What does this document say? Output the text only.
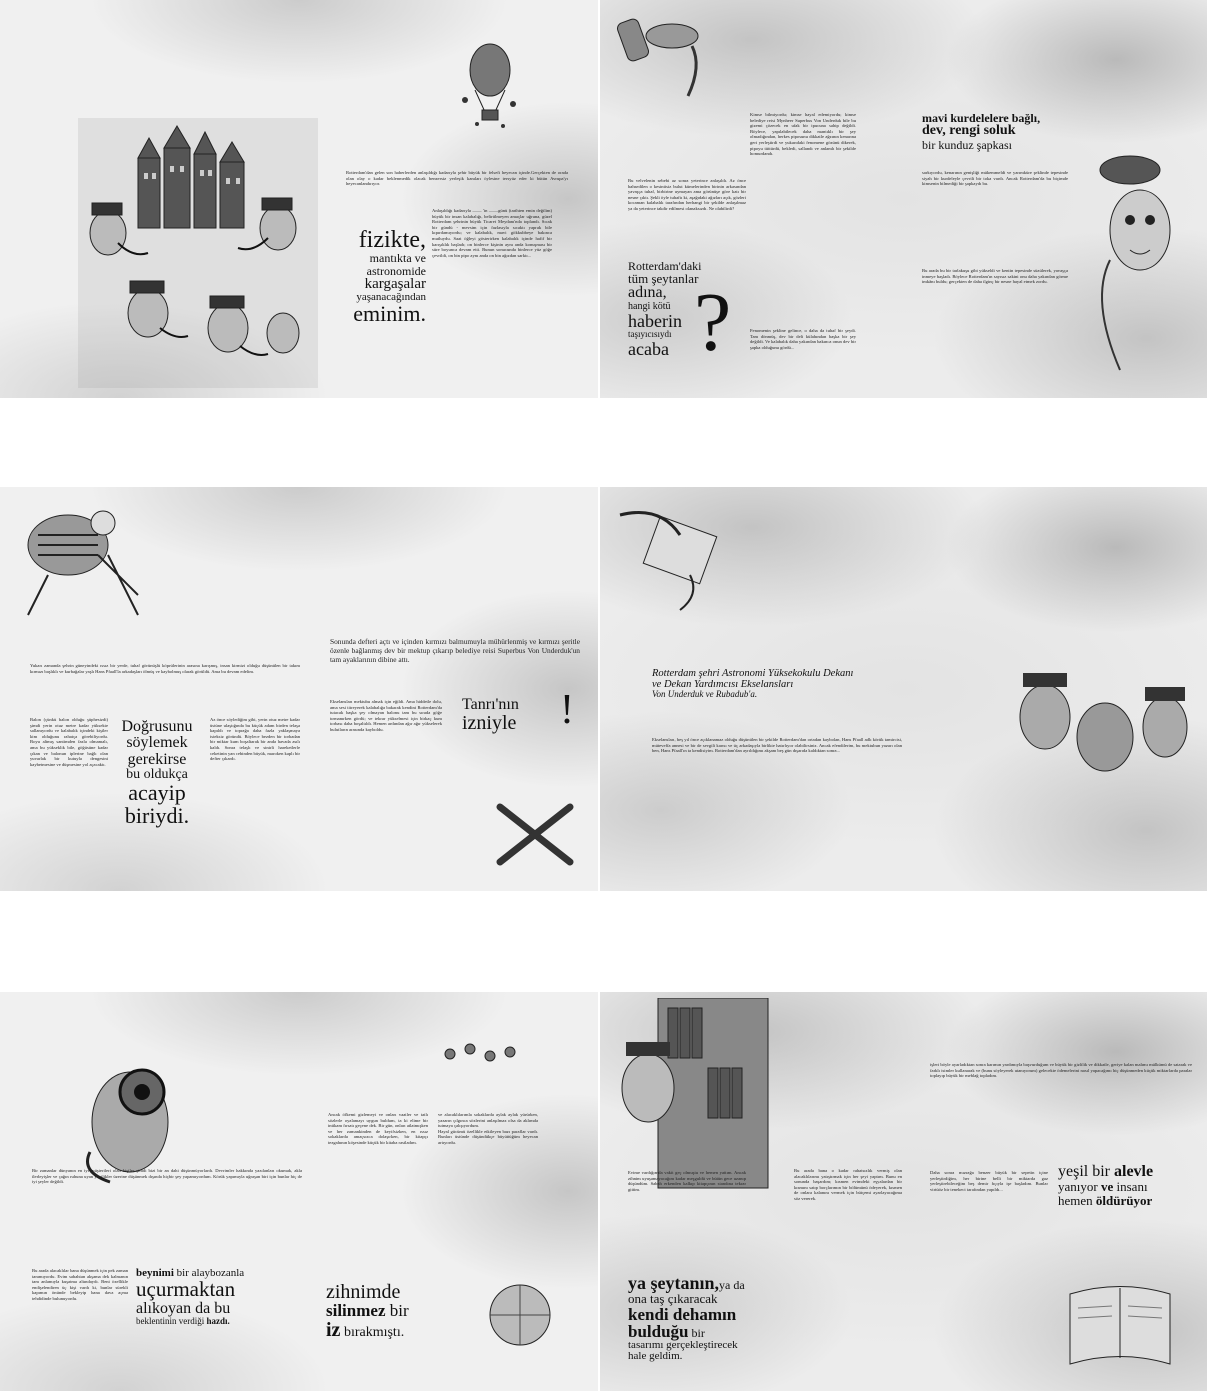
Rotterdam'dan gelen son haberlerden anlaşıldığı kadarıyla şehir büyük bir felsefi heyecan içinde.Gerçekten de orada olan olay o kadar beklenmedik olacak benzersiz yerleşik kanıları öylesine tersyüz eder ki bütün Avrupa'yı heyecanlandırıyor.
fizikte,
mantıkta ve
astronomide
kargaşalar
yaşanacağından
eminim.
Anlaşıldığı kadarıyla —— 'in ——günü (tarihten emin değilim) büyük bir insan kalabalığı, belirtilmeyen amaçlar uğruna, güzel Rotterdam şehrinin büyük Ticaret Meydanı'nda toplandı. Sıcak bir gündü - mevsim için fazlasıyla sıcaktı yaprak bile kıpırdamıyordu; ve kalabalık, mavi gökkubbeye bakınca mutluydu. Saat öğleyi gösterirken kalabalık içinde hafif bir karışıklık başladı; on binlerce kişinin aynı anda konuşması bir süre boyunca devam etti. Bunun sonucunda binlerce yüz göğe çevrildi, on bin pipo aynı anda on bin ağızdan sarktı...
Bu velvelenin sebebi az sonra yeterince anlaşıldı. Az önce bahsedilen o kesintisiz bulut kümelerinden birinin arkasından yavaşça tuhaf, birbirine uymayan ama görünüşe göre katı bir nesne çıktı. Şekli öyle tuhaftı ki, aşağıdaki ağızları açık, gözleri kocaman kalabalık tarafından herhangi bir şekilde anlaşılmaz ya da yeterince takdir edilmesi olanaksızdı. Ne olabilirdi?
Rotterdam'daki
tüm şeytanlar
adına,
hangi kötü
haberin
taşıyıcısıydı
acaba ?
Kimse bilmiyordu; kimse hayal edemiyordu; kimse belediye reisi Mynheer Superbus Von Underduk bile bu gizemi çözecek en ufak bir ipucuna sahip değildi. Böylece, yapılabilecek daha mantıklı bir şey olmadığından, herkes piposunu dikkatle ağzının kenarına geri yerleştirdi ve yukarıdaki fenomene gözünü dikerek, pipoyu tüttürdü, bekledi, sallandı ve anlamlı bir şekilde homurdandı.
Fenomenin şekline gelince, o daha da tuhaf bir şeydi. Tam dönmüş, dev bir deli külahından başka bir şey değildi. Ve kalabalık daha yakından bakınca onun dev bir şapka olduğunu gördü...
mavi kurdelelere bağlı,
dev, rengi soluk
bir kunduz şapkası
sarkıyordu, kenarının genişliği mükemmeldi ve yarımküre şeklinde tepesinde siyah bir kurdeleyle çevrili bir toka vardı. Ancak Rotterdam'da bu biçimde kimsenin bilmediği bir şapkaydı bu.
Bu arada bu bir tarlakuşu gibi yükseldi ve kentin tepesinde süzülerek, yavaşça inmeye başladı. Böylece Rotterdam'ın sayısız sakini onu daha yakından görme imkânı buldu; gerçekten de daha ilginç bir nesne hayal etmek zordu.
Yukarı zamanda şehrin güneyindeki ıssız bir yerde, tuhaf görünüşlü köprülerinin arasına karışmış, insan kirmizi olduğu düşünülen bir takım kırmızı başlıklı ve kurbağalar yaşlı Hans Pfaall'la arkadaşları ölmüş ve kaybolmuş olarak görüldü. Ama bu devam edelim.
Balon (çünkü balon olduğu şüphesizdi) şimdi yerin otuz metre kadar yüksekte sallanıyordu ve kalabalık içindeki kişiler kim olduğunu rahatça görebiliyordu. Boyu altmış santimden fazla olmamalı, ama bu yükseklik bile, göğüsüne kadar çıkan ve balonun iplerine bağlı olan yuvarlak bir kutuyla dengesini kaybetmesine ve düşmesine yol açacaktı.
Doğrusunu
söylemek
gerekirse
bu oldukça
acayip
biriydi.
Az önce söylediğim gibi, yerin otuz metre kadar üstüne ulaştığında bu küçük adam birden telaşa kapıldı ve toprağa daha fazla yaklaşmaya isteksiz göründü. Böylece bezden bir torbadan bir miktar kum boşaltarak bir anda havada asılı kaldı. Sonra telaşlı ve sinirli hareketlerle ceketinin yan cebinden büyük, maroken kaplı bir defter çıkardı.
Sonunda defteri açtı ve içinden kırmızı balmumuyla mühürlenmiş ve kırmızı şeritle özenle bağlanmış dev bir mektup çıkarıp belediye reisi Superbus Von Underduk'un tam ayaklarının dibine attı.
Ekselansları mektubu almak için eğildi. Ama hiddetle dolu, ama sesi titreyerek kalabalığa bakarak kendini Rotterdam'da tutacak başka şey olmayan balonu tam bu sırada göğe tırmanırken gördü; ve tekrar yükselmesi için birkaç kum torbası daha boşaltıldı. Hemen ardından ağır ağır yükselerek bulutların arasında kayboldu.
Tanrı'nın
izniyle	!
Rotterdam şehri Astronomi Yüksekokulu Dekanı
ve Dekan Yardımcısı Ekselansları
Von Underduk ve Rubadub'a.
Ekselansları, beş yıl önce açıklanamaz olduğu düşünülen bir şekilde Rotterdam'dan ortadan kaybolan, Hans Pfaall adlı körük tamircisi, müteveffa annesi ve bir de sevgili karısı ve üç arkadaşıyla birlikte hatırlıyor olabilirsiniz. Ancak efendilerim, bu mektubun yazarı olan ben, Hans Pfaall'ın ta kendisiyim. Rotterdam'dan ayrıldığımı akşam beş gün dışarıda kaldıktan sonra...
Bir zamanlar dünyanın en iyi müşterileri olan kişiler şimdi bizi bir an dahi düşünmüyorlardı. Devrimler hakkında yazılanları okumak, akla ilerleyişler ve çağın ruhuna uyan yenilikler üzerine düşünmek dışında hiçbir şey yapamıyordum. Körük yapımıyla uğraşan biri için bunlar hiç de iyi şeyler değildi.
Bu arada alacaklılar bana düşünmek için pek zaman tanımıyordu. Evim sabahtan akşama dek kalmanın tam anlamıyla kuşatma altındaydı. Beni özellikle endişelendiren üç kişi vardı ki, bunlar sürekli kapımın önünde bekleyip bana dava açma tehdidinde bulunuyordu.
beynimi bir alaybozanla
uçurmaktan
alıkoyan da bu
beklentinin verdiği hazdı.
Ancak öfkemi gizlemeyi ve onları vaatler ve tatlı sözlerle oyalamayı uygun buldum, ta ki elime bir intikam fırsatı geçene dek. Bir gün, onları atlatmışken ve her zamankinden de keyifsizken, en ıssız sokaklarda amaçsızca dolaşırken, bir kitapçı tezgahının köşesinde küçük bir kitaba rastladım.
ve alacaklılarımla sokaklarda aylak aylak yürürken, yazarın çılgınca sözlerini anlaşılmaz olsa da aklımda tutmaya çalışıyordum.
Hayal gücümü özellikle etkileyen bazı paraflar vardı. Bunları üstünde düşündükçe büyüttüğüm heyecan artıyordu.
zihnimde
silinmez bir
iz bırakmıştı.
Evime vardığımda vakit geç olmuştu ve hemen yattım. Ancak zihnim uyuşamayacağım kadar meşguldü ve bütün gece uzanıp düşündüm. Sabah erkenden kalkıp kitapçının standına tekrar gittim.
ya şeytanın,ya da
ona taş çıkaracak
kendi dehamın
bulduğu bir
tasarımı gerçekleştirecek
hale geldim.
Bu arada bana o kadar rahatsızlık vermiş olan alacaklılarımı yatıştırmak için her şeyi yaptım. Bunu en sonunda başardım; kısmen evimdeki eşyalardan bir kısmını satıp borçlarımın bir bölümünü ödeyerek, kısmen de onlara kalanını vermek için bütçemi ayarlayacağıma söz vererek.
işleri böyle ayarladıktan sonra karımın yardımıyla başvurduğum ve büyük bir gizlilik ve dikkatle, geriye kalan malımı mülkümü de satarak ve farklı isimler kullanarak ve (bunu söyleyerek utanıyorum) gelecekte ödemelerini nasıl yapacağımı hiç düşünmeden küçük miktarlarda paralar toplayıp büyük bir meblağ topladım.
Daha sonra mızrağa benzer büyük bir sepetin içine yerleştirdiğim, her birine belli bir miktarda gaz yerleştirebileceğim beş demir fıçıyla işe başladım. Bunlar virtüöz bir tenekeci tarafından yapıldı...
yeşil bir alevle
yanıyor ve insanı
hemen öldürüyor
